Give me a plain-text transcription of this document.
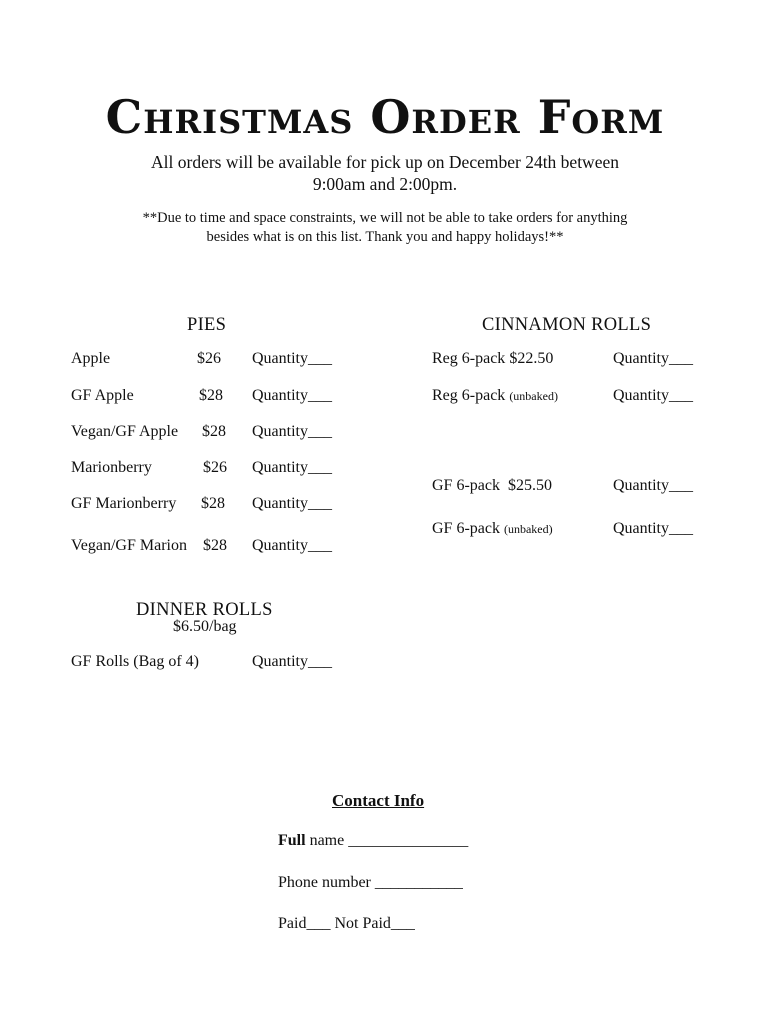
Christmas Order Form
All orders will be available for pick up on December 24th between
9:00am and 2:00pm.
**Due to time and space constraints, we will not be able to take orders for anything
besides what is on this list. Thank you and happy holidays!**
PIES
Apple	$26 Quantity___
GF Apple	$28 Quantity___
Vegan/GF Apple $28 Quantity___
Marionberry	$26 Quantity___
GF Marionberry $28 Quantity___
Vegan/GF Marion $28 Quantity___
CINNAMON ROLLS
Reg 6-pack $22.50	Quantity___
Reg 6-pack (unbaked)	Quantity___
GF 6-pack $25.50	Quantity___
GF 6-pack (unbaked)	Quantity___
DINNER ROLLS
$6.50/bag
GF Rolls (Bag of 4)	Quantity___
Contact Info
Full name _______________
Phone number ___________
Paid___ Not Paid___
